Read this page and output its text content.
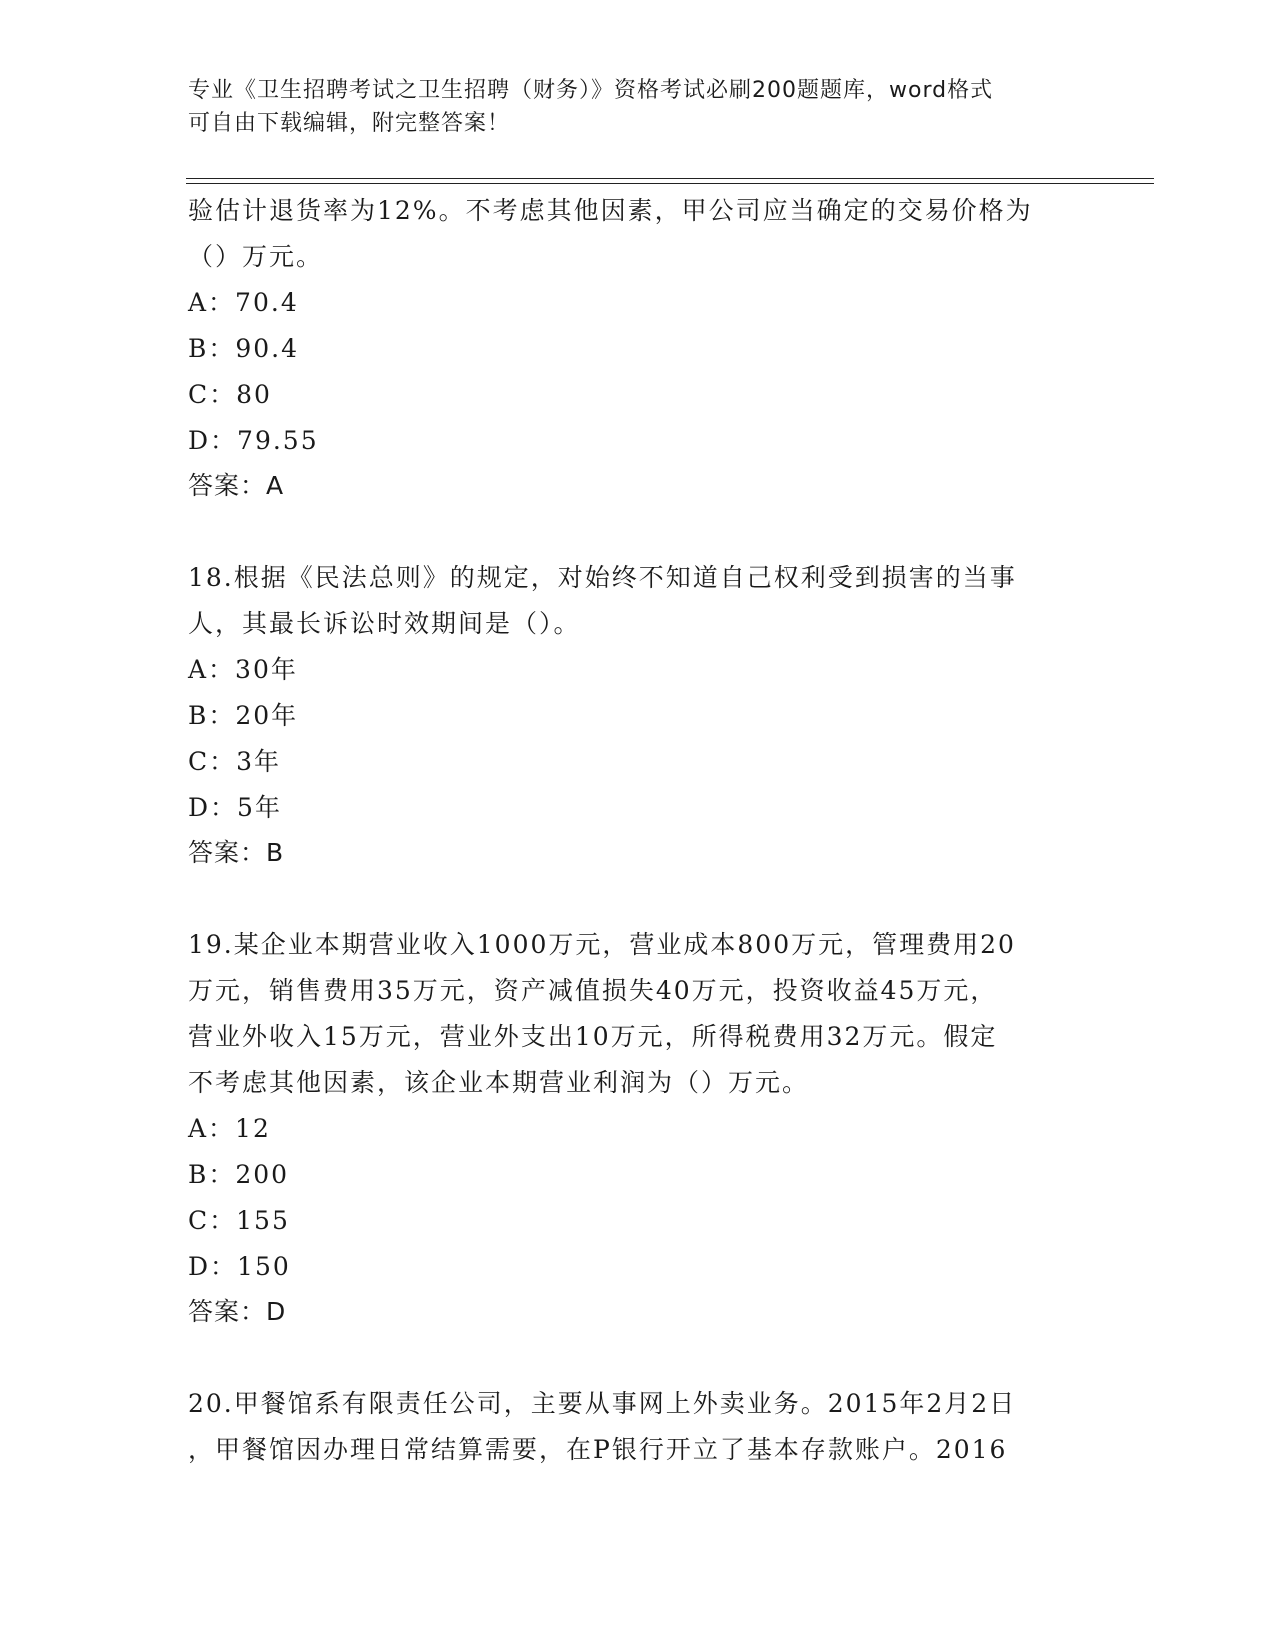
专业《卫生招聘考试之卫生招聘（财务）》资格考试必刷200题题库，word格式
可自由下载编辑，附完整答案！
验估计退货率为12%。不考虑其他因素，甲公司应当确定的交易价格为
（）万元。
A：70.4
B：90.4
C：80
D：79.55
答案：A
18.根据《民法总则》的规定，对始终不知道自己权利受到损害的当事
人，其最长诉讼时效期间是（）。
A：30年
B：20年
C：3年
D：5年
答案：B
19.某企业本期营业收入1000万元，营业成本800万元，管理费用20
万元，销售费用35万元，资产减值损失40万元，投资收益45万元，
营业外收入15万元，营业外支出10万元，所得税费用32万元。假定
不考虑其他因素，该企业本期营业利润为（）万元。
A：12
B：200
C：155
D：150
答案：D
20.甲餐馆系有限责任公司，主要从事网上外卖业务。2015年2月2日
，甲餐馆因办理日常结算需要，在P银行开立了基本存款账户。2016
